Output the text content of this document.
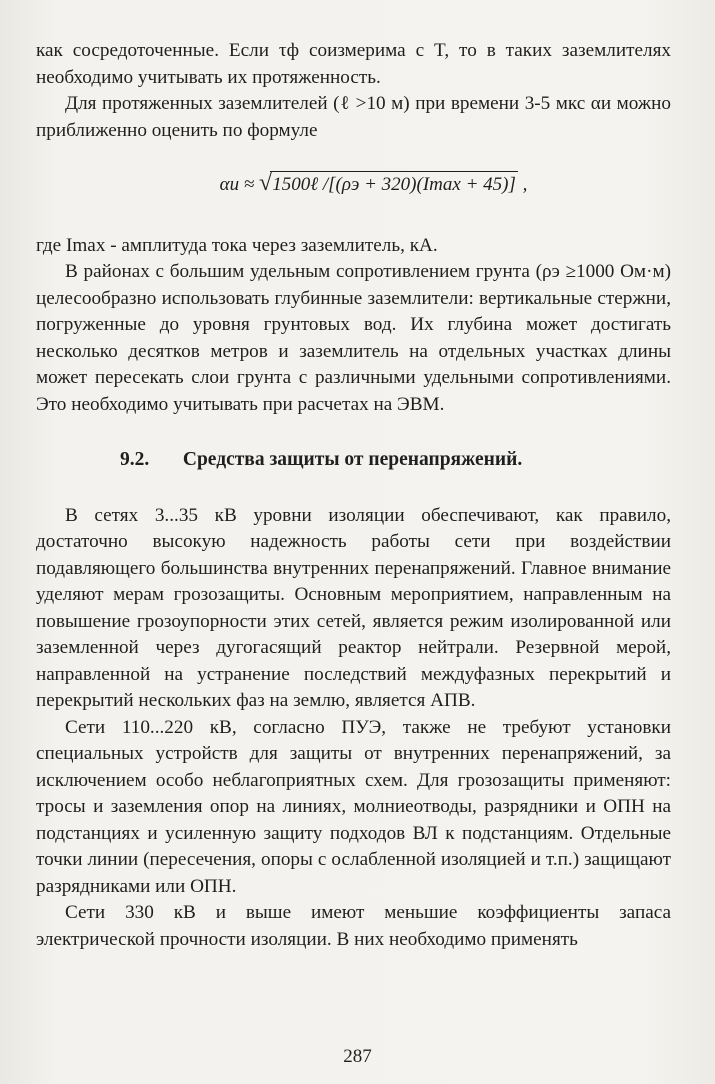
как сосредоточенные. Если τф соизмерима с T, то в таких заземлителях необходимо учитывать их протяженность.

Для протяженных заземлителей (ℓ >10 м) при времени 3-5 мкс αи можно приближенно оценить по формуле

αи ≈ √1500ℓ /[(ρэ + 320)(Imax + 45)] ,

где Imax - амплитуда тока через заземлитель, кА.

В районах с большим удельным сопротивлением грунта (ρэ ≥1000 Ом·м) целесообразно использовать глубинные заземлители: вертикальные стержни, погруженные до уровня грунтовых вод. Их глубина может достигать несколько десятков метров и заземлитель на отдельных участках длины может пересекать слои грунта с различными удельными сопротивлениями. Это необходимо учитывать при расчетах на ЭВМ.

9.2. Средства защиты от перенапряжений.

В сетях 3...35 кВ уровни изоляции обеспечивают, как правило, достаточно высокую надежность работы сети при воздействии подавляющего большинства внутренних перенапряжений. Главное внимание уделяют мерам грозозащиты. Основным мероприятием, направленным на повышение грозоупорности этих сетей, является режим изолированной или заземленной через дугогасящий реактор нейтрали. Резервной мерой, направленной на устранение последствий междуфазных перекрытий и перекрытий нескольких фаз на землю, является АПВ.

Сети 110...220 кВ, согласно ПУЭ, также не требуют установки специальных устройств для защиты от внутренних перенапряжений, за исключением особо неблагоприятных схем. Для грозозащиты применяют: тросы и заземления опор на линиях, молниеотводы, разрядники и ОПН на подстанциях и усиленную защиту подходов ВЛ к подстанциям. Отдельные точки линии (пересечения, опоры с ослабленной изоляцией и т.п.) защищают разрядниками или ОПН.

Сети 330 кВ и выше имеют меньшие коэффициенты запаса электрической прочности изоляции. В них необходимо применять

287
